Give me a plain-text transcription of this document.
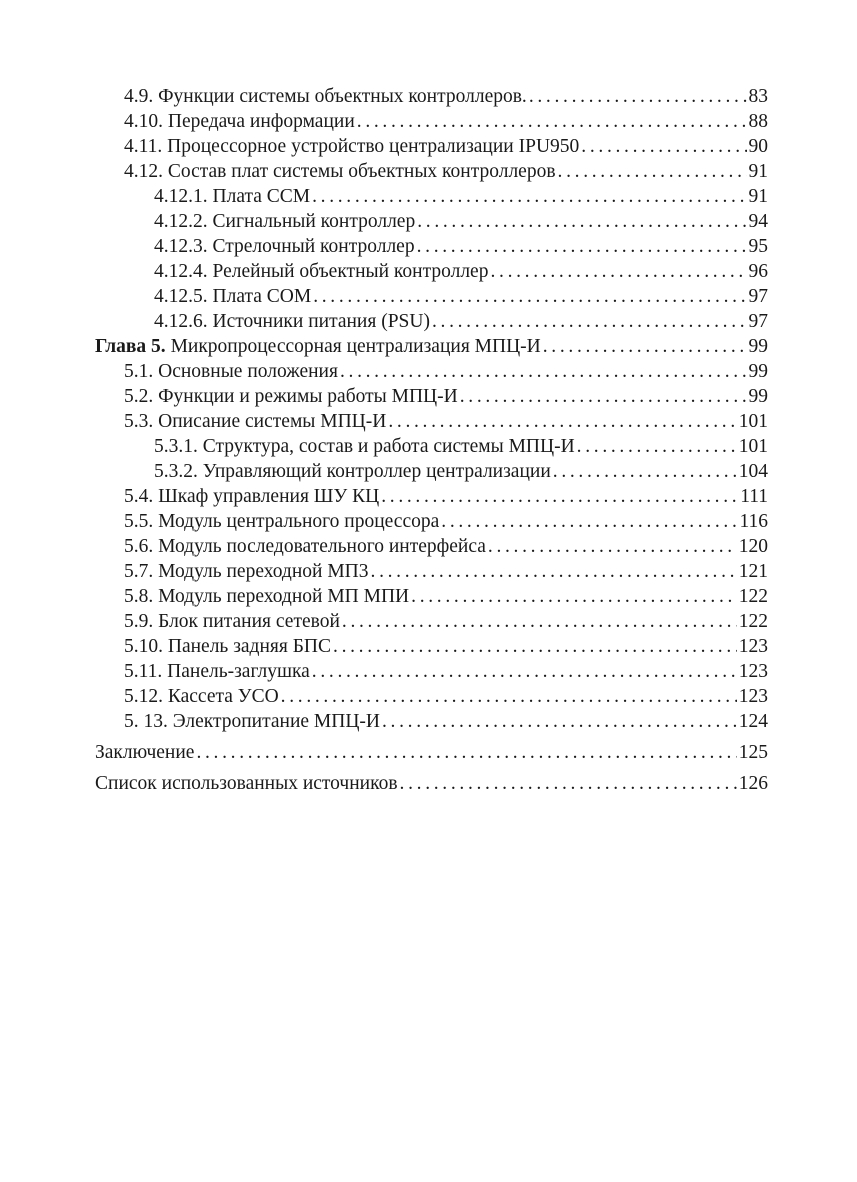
4.9. Функции системы объектных контроллеров. . . .	83
4.10. Передача информации . . .	88
4.11. Процессорное устройство централизации IPU950 . . .	90
4.12. Состав плат системы объектных контроллеров . . .	91
4.12.1. Плата CCM . . .	91
4.12.2. Сигнальный контроллер . . .	94
4.12.3. Стрелочный контроллер . . .	95
4.12.4. Релейный объектный контроллер . . .	96
4.12.5. Плата COM . . .	97
4.12.6. Источники питания (PSU) . . .	97
Глава 5. Микропроцессорная централизация МПЦ-И . . .	99
5.1. Основные положения . . .	99
5.2. Функции и режимы работы МПЦ-И . . .	99
5.3. Описание системы МПЦ-И . . .	101
5.3.1. Структура, состав и работа системы МПЦ-И . . .	101
5.3.2. Управляющий контроллер централизации . . .	104
5.4. Шкаф управления ШУ КЦ . . .	111
5.5. Модуль центрального процессора . . .	116
5.6. Модуль последовательного интерфейса . . .	120
5.7. Модуль переходной МП3 . . .	121
5.8. Модуль переходной МП МПИ . . .	122
5.9. Блок питания сетевой . . .	122
5.10. Панель задняя БПС . . .	123
5.11. Панель-заглушка . . .	123
5.12. Кассета УСО . . .	123
5. 13. Электропитание МПЦ-И . . .	124
Заключение . . .	125
Список использованных источников . . .	126
